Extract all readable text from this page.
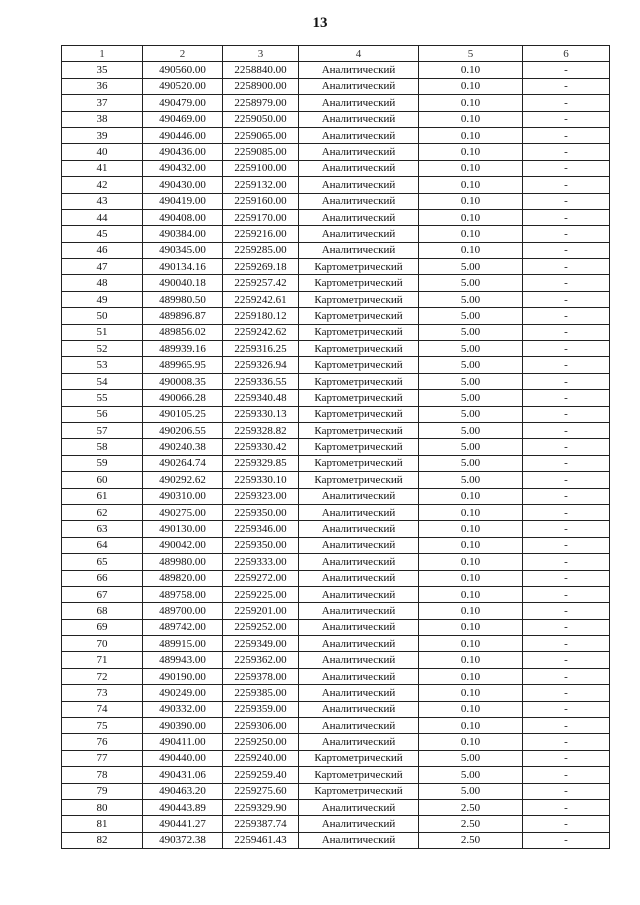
13
1	2	3	4	5	6
35	490560.00	2258840.00	Аналитический	0.10	-
36	490520.00	2258900.00	Аналитический	0.10	-
37	490479.00	2258979.00	Аналитический	0.10	-
38	490469.00	2259050.00	Аналитический	0.10	-
39	490446.00	2259065.00	Аналитический	0.10	-
40	490436.00	2259085.00	Аналитический	0.10	-
41	490432.00	2259100.00	Аналитический	0.10	-
42	490430.00	2259132.00	Аналитический	0.10	-
43	490419.00	2259160.00	Аналитический	0.10	-
44	490408.00	2259170.00	Аналитический	0.10	-
45	490384.00	2259216.00	Аналитический	0.10	-
46	490345.00	2259285.00	Аналитический	0.10	-
47	490134.16	2259269.18	Картометрический	5.00	-
48	490040.18	2259257.42	Картометрический	5.00	-
49	489980.50	2259242.61	Картометрический	5.00	-
50	489896.87	2259180.12	Картометрический	5.00	-
51	489856.02	2259242.62	Картометрический	5.00	-
52	489939.16	2259316.25	Картометрический	5.00	-
53	489965.95	2259326.94	Картометрический	5.00	-
54	490008.35	2259336.55	Картометрический	5.00	-
55	490066.28	2259340.48	Картометрический	5.00	-
56	490105.25	2259330.13	Картометрический	5.00	-
57	490206.55	2259328.82	Картометрический	5.00	-
58	490240.38	2259330.42	Картометрический	5.00	-
59	490264.74	2259329.85	Картометрический	5.00	-
60	490292.62	2259330.10	Картометрический	5.00	-
61	490310.00	2259323.00	Аналитический	0.10	-
62	490275.00	2259350.00	Аналитический	0.10	-
63	490130.00	2259346.00	Аналитический	0.10	-
64	490042.00	2259350.00	Аналитический	0.10	-
65	489980.00	2259333.00	Аналитический	0.10	-
66	489820.00	2259272.00	Аналитический	0.10	-
67	489758.00	2259225.00	Аналитический	0.10	-
68	489700.00	2259201.00	Аналитический	0.10	-
69	489742.00	2259252.00	Аналитический	0.10	-
70	489915.00	2259349.00	Аналитический	0.10	-
71	489943.00	2259362.00	Аналитический	0.10	-
72	490190.00	2259378.00	Аналитический	0.10	-
73	490249.00	2259385.00	Аналитический	0.10	-
74	490332.00	2259359.00	Аналитический	0.10	-
75	490390.00	2259306.00	Аналитический	0.10	-
76	490411.00	2259250.00	Аналитический	0.10	-
77	490440.00	2259240.00	Картометрический	5.00	-
78	490431.06	2259259.40	Картометрический	5.00	-
79	490463.20	2259275.60	Картометрический	5.00	-
80	490443.89	2259329.90	Аналитический	2.50	-
81	490441.27	2259387.74	Аналитический	2.50	-
82	490372.38	2259461.43	Аналитический	2.50	-
